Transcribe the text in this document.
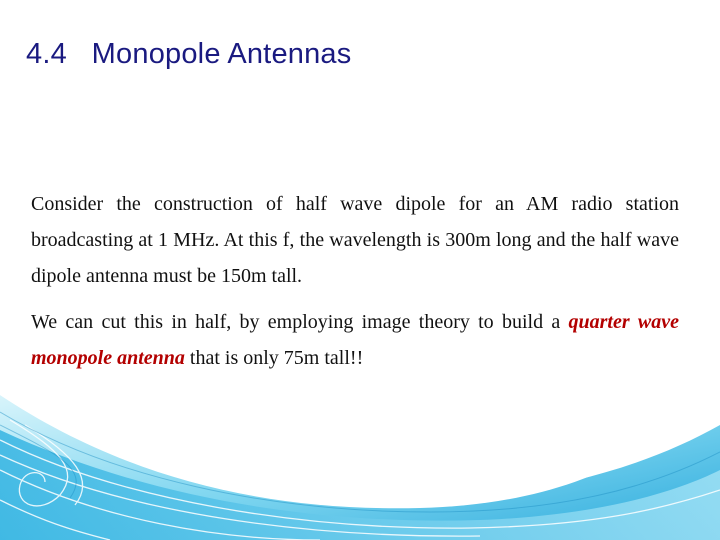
4.4   Monopole Antennas

Consider the construction of half wave dipole for an AM radio station broadcasting at 1 MHz. At this f, the wavelength is 300m long and the half wave dipole antenna must be 150m tall.

We can cut this in half, by employing image theory to build a quarter wave monopole antenna that is only 75m tall!!
